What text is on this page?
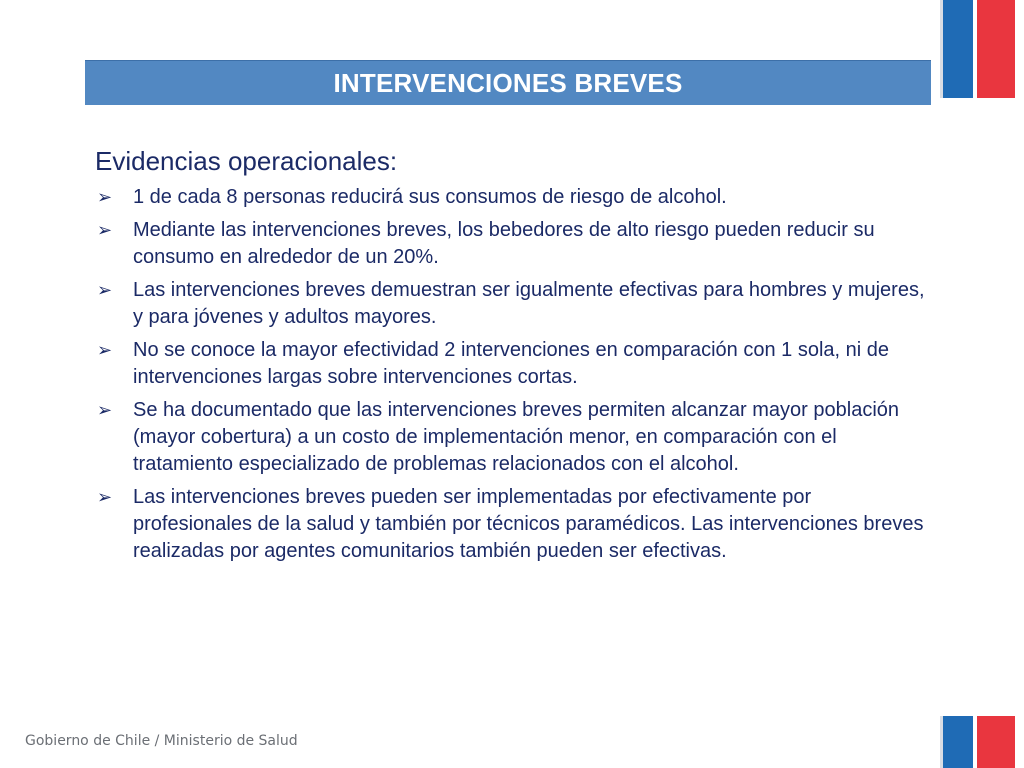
INTERVENCIONES BREVES
Evidencias operacionales:
➢ 1 de cada 8 personas reducirá sus consumos de riesgo de alcohol.
➢ Mediante las intervenciones breves, los bebedores de alto riesgo pueden reducir su consumo en alrededor de un 20%.
➢ Las intervenciones breves demuestran ser igualmente efectivas para hombres y mujeres, y para jóvenes y adultos mayores.
➢ No se conoce la mayor efectividad 2 intervenciones en comparación con 1 sola, ni de intervenciones largas sobre intervenciones cortas.
➢ Se ha documentado que las intervenciones breves permiten alcanzar mayor población (mayor cobertura) a un costo de implementación menor, en comparación con el tratamiento especializado de problemas relacionados con el alcohol.
➢ Las intervenciones breves pueden ser implementadas por efectivamente por profesionales de la salud y también por técnicos paramédicos. Las intervenciones breves realizadas por agentes comunitarios también pueden ser efectivas.
Gobierno de Chile / Ministerio de Salud
